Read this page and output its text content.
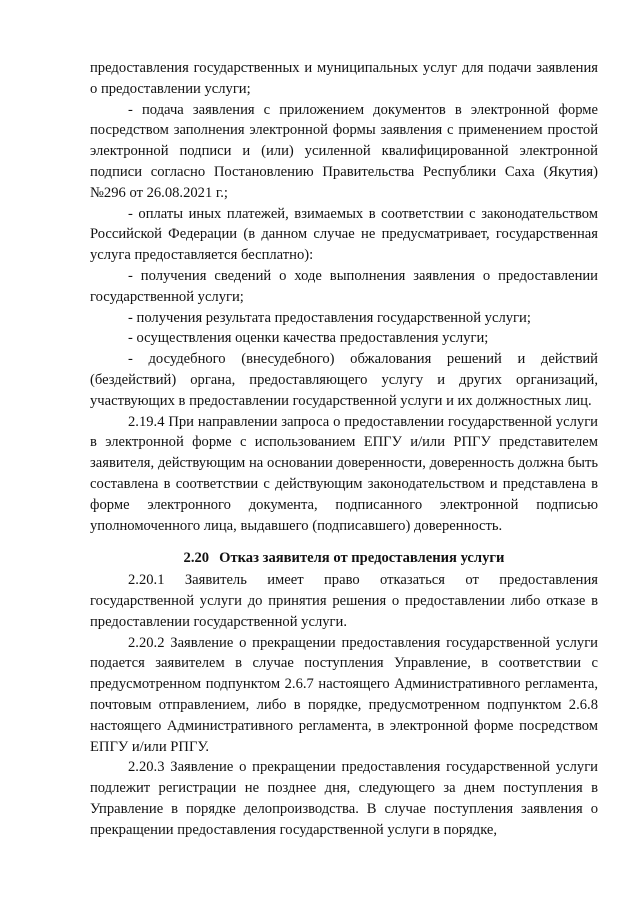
предоставления государственных и муниципальных услуг для подачи заявления о предоставлении услуги;

- подача заявления с приложением документов в электронной форме посредством заполнения электронной формы заявления с применением простой электронной подписи и (или) усиленной квалифицированной электронной подписи согласно Постановлению Правительства Республики Саха (Якутия) №296 от 26.08.2021 г.;

- оплаты иных платежей, взимаемых в соответствии с законодательством Российской Федерации (в данном случае не предусматривает, государственная услуга предоставляется бесплатно):

- получения сведений о ходе выполнения заявления о предоставлении государственной услуги;

- получения результата предоставления государственной услуги;

- осуществления оценки качества предоставления услуги;

- досудебного (внесудебного) обжалования решений и действий (бездействий) органа, предоставляющего услугу и других организаций, участвующих в предоставлении государственной услуги и их должностных лиц.

2.19.4 При направлении запроса о предоставлении государственной услуги в электронной форме с использованием ЕПГУ и/или РПГУ представителем заявителя, действующим на основании доверенности, доверенность должна быть составлена в соответствии с действующим законодательством и представлена в форме электронного документа, подписанного электронной подписью уполномоченного лица, выдавшего (подписавшего) доверенность.

2.20 Отказ заявителя от предоставления услуги

2.20.1 Заявитель имеет право отказаться от предоставления государственной услуги до принятия решения о предоставлении либо отказе в предоставлении государственной услуги.

2.20.2 Заявление о прекращении предоставления государственной услуги подается заявителем в случае поступления Управление, в соответствии с предусмотренном подпунктом 2.6.7 настоящего Административного регламента, почтовым отправлением, либо в порядке, предусмотренном подпунктом 2.6.8 настоящего Административного регламента, в электронной форме посредством ЕПГУ и/или РПГУ.

2.20.3 Заявление о прекращении предоставления государственной услуги подлежит регистрации не позднее дня, следующего за днем поступления в Управление в порядке делопроизводства. В случае поступления заявления о прекращении предоставления государственной услуги в порядке,
